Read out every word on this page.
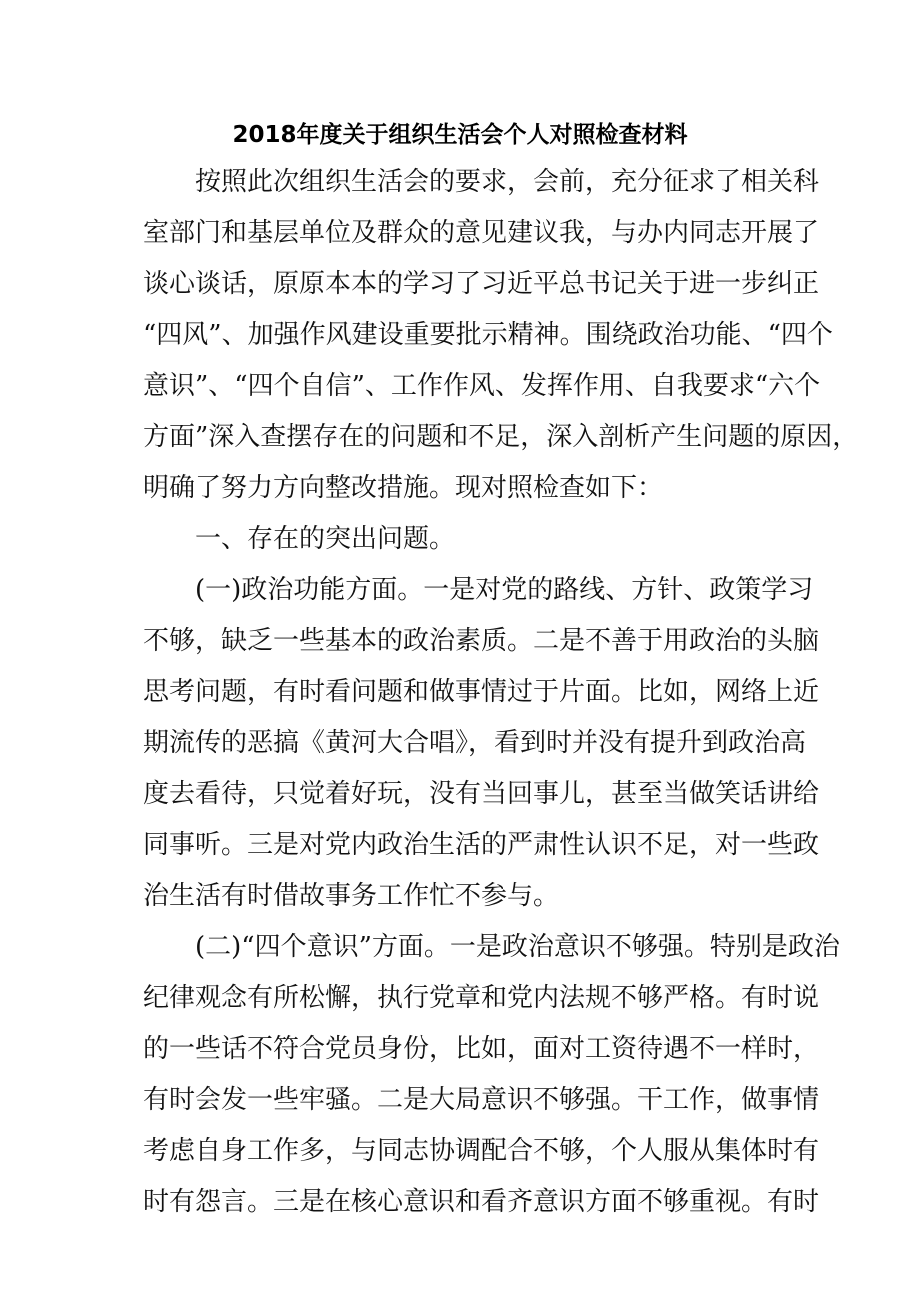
2018年度关于组织生活会个人对照检查材料
　　按照此次组织生活会的要求，会前，充分征求了相关科
室部门和基层单位及群众的意见建议我，与办内同志开展了
谈心谈话，原原本本的学习了习近平总书记关于进一步纠正
“四风”、加强作风建设重要批示精神。围绕政治功能、“四个
意识”、“四个自信”、工作作风、发挥作用、自我要求“六个
方面”深入查摆存在的问题和不足，深入剖析产生问题的原因，
明确了努力方向整改措施。现对照检查如下：
　　一、存在的突出问题。
　　(一)政治功能方面。一是对党的路线、方针、政策学习
不够，缺乏一些基本的政治素质。二是不善于用政治的头脑
思考问题，有时看问题和做事情过于片面。比如，网络上近
期流传的恶搞《黄河大合唱》，看到时并没有提升到政治高
度去看待，只觉着好玩，没有当回事儿，甚至当做笑话讲给
同事听。三是对党内政治生活的严肃性认识不足，对一些政
治生活有时借故事务工作忙不参与。
　　(二)“四个意识”方面。一是政治意识不够强。特别是政治
纪律观念有所松懈，执行党章和党内法规不够严格。有时说
的一些话不符合党员身份，比如，面对工资待遇不一样时，
有时会发一些牢骚。二是大局意识不够强。干工作，做事情
考虑自身工作多，与同志协调配合不够，个人服从集体时有
时有怨言。三是在核心意识和看齐意识方面不够重视。有时
